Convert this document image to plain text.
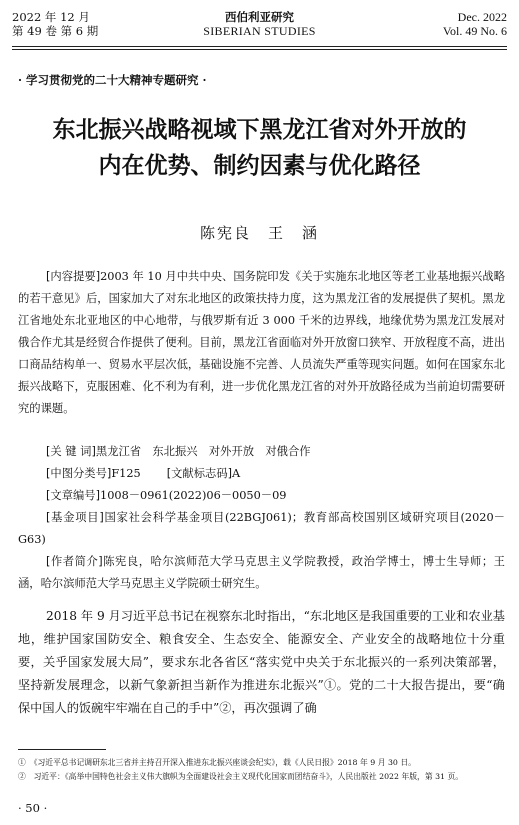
2022 年 12 月
第 49 卷 第 6 期
西伯利亚研究
SIBERIAN STUDIES
Dec. 2022
Vol. 49 No. 6
· 学习贯彻党的二十大精神专题研究 ·
东北振兴战略视域下黑龙江省对外开放的
内在优势、制约因素与优化路径
陈宪良　王　涵
[内容提要]2003 年 10 月中共中央、国务院印发《关于实施东北地区等老工业基地振兴战略的若干意见》后，国家加大了对东北地区的政策扶持力度，这为黑龙江省的发展提供了契机。黑龙江省地处东北亚地区的中心地带，与俄罗斯有近 3 000 千米的边界线，地缘优势为黑龙江发展对俄合作尤其是经贸合作提供了便利。目前，黑龙江省面临对外开放窗口狭窄、开放程度不高，进出口商品结构单一、贸易水平层次低，基础设施不完善、人员流失严重等现实问题。如何在国家东北振兴战略下，克服困难、化不利为有利，进一步优化黑龙江省的对外开放路径成为当前迫切需要研究的课题。
[关 键 词]黑龙江省　东北振兴　对外开放　对俄合作
[中图分类号]F125 [文献标志码]A
[文章编号]1008－0961(2022)06－0050－09
[基金项目]国家社会科学基金项目(22BGJ061)；教育部高校国别区域研究项目(2020－G63)
[作者简介]陈宪良，哈尔滨师范大学马克思主义学院教授，政治学博士，博士生导师；王涵，哈尔滨师范大学马克思主义学院硕士研究生。
2018 年 9 月习近平总书记在视察东北时指出，“东北地区是我国重要的工业和农业基地，维护国家国防安全、粮食安全、生态安全、能源安全、产业安全的战略地位十分重要，关乎国家发展大局”，要求东北各省区“落实党中央关于东北振兴的一系列决策部署，坚持新发展理念，以新气象新担当新作为推进东北振兴”①。党的二十大报告提出，要“确保中国人的饭碗牢牢端在自己的手中”②，再次强调了确
①　《习近平总书记调研东北三省并主持召开深入推进东北振兴座谈会纪实》，载《人民日报》2018 年 9 月 30 日。
②　习近平：《高举中国特色社会主义伟大旗帜为全面建设社会主义现代化国家而团结奋斗》，人民出版社 2022 年版，第 31 页。
· 50 ·
